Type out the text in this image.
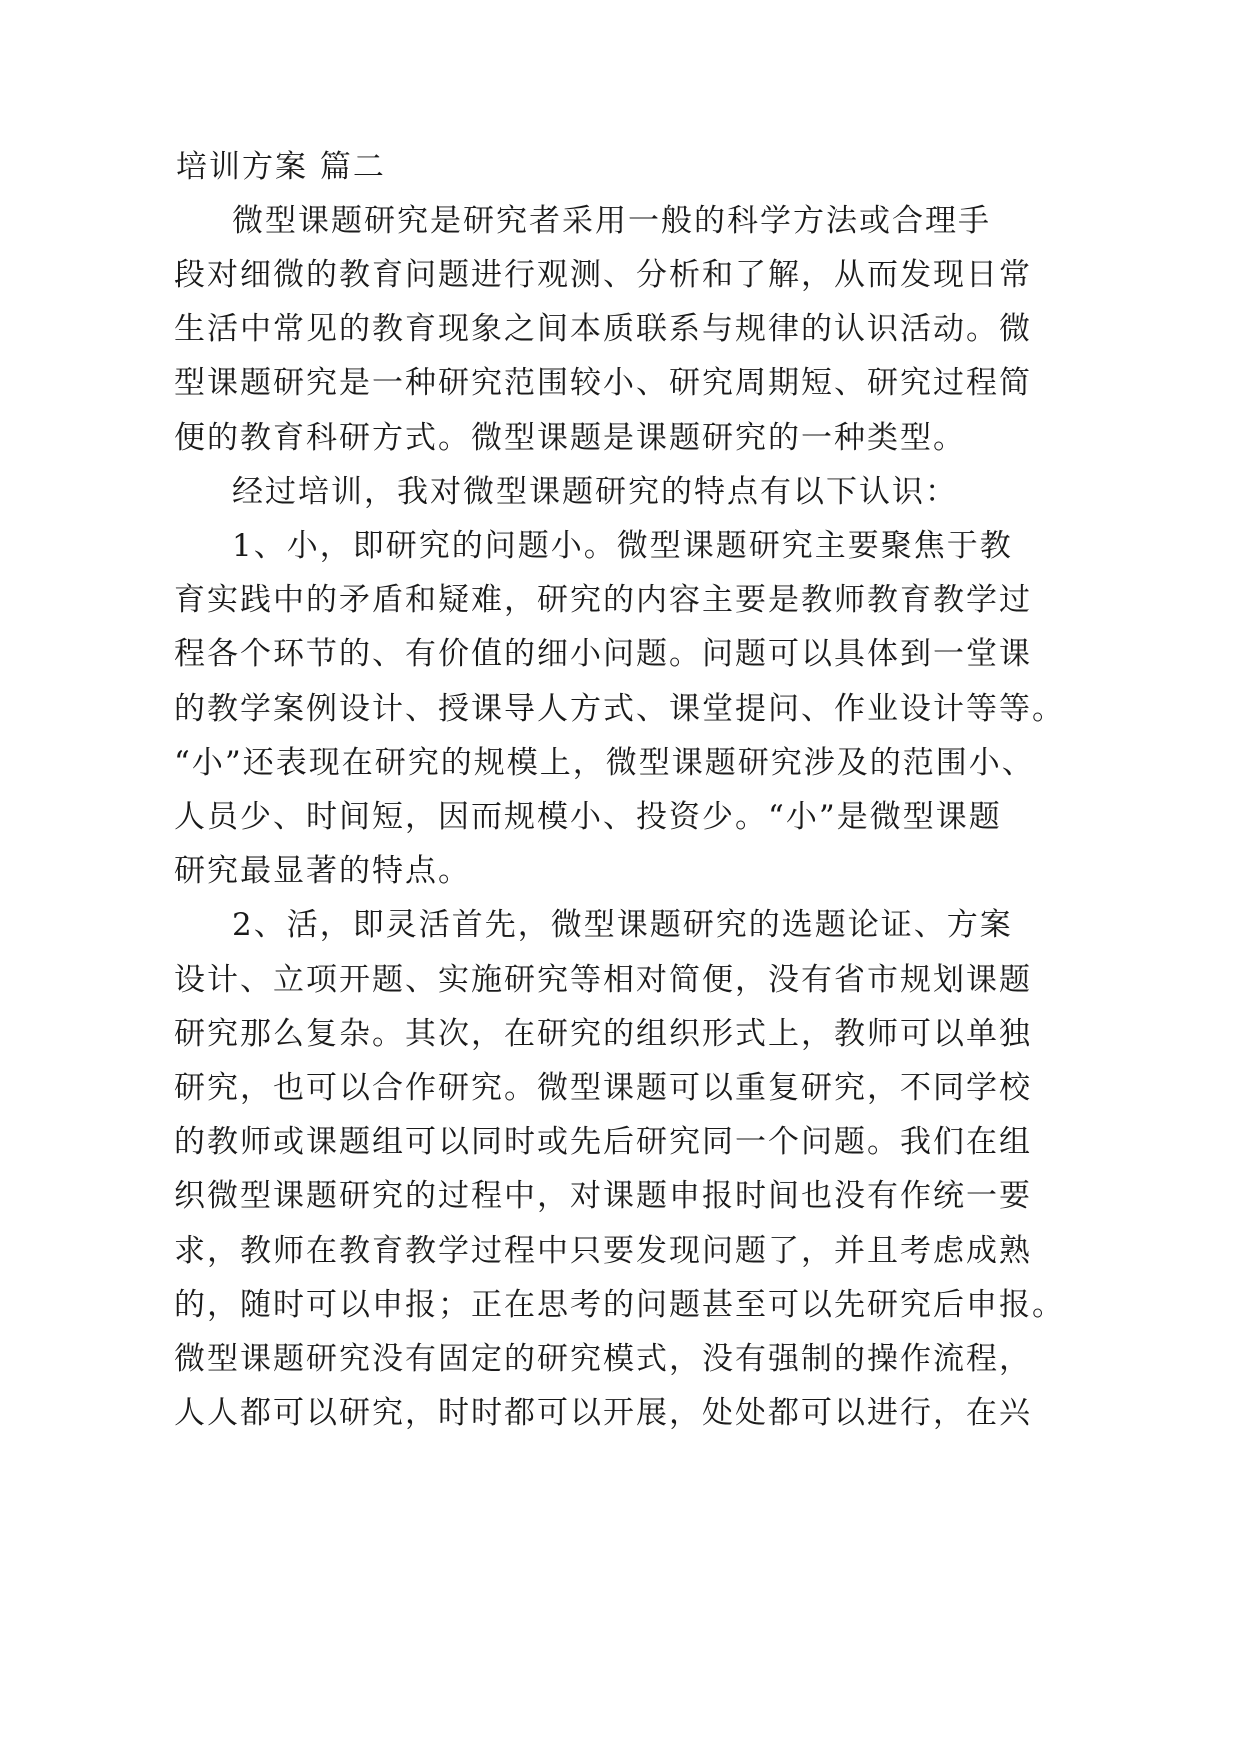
培训方案 篇二
微型课题研究是研究者采用一般的科学方法或合理手
段对细微的教育问题进行观测、分析和了解，从而发现日常
生活中常见的教育现象之间本质联系与规律的认识活动。微
型课题研究是一种研究范围较小、研究周期短、研究过程简
便的教育科研方式。微型课题是课题研究的一种类型。
经过培训，我对微型课题研究的特点有以下认识：
1、小，即研究的问题小。微型课题研究主要聚焦于教
育实践中的矛盾和疑难，研究的内容主要是教师教育教学过
程各个环节的、有价值的细小问题。问题可以具体到一堂课
的教学案例设计、授课导人方式、课堂提问、作业设计等等。
“小”还表现在研究的规模上，微型课题研究涉及的范围小、
人员少、时间短，因而规模小、投资少。“小”是微型课题
研究最显著的特点。
2、活，即灵活首先，微型课题研究的选题论证、方案
设计、立项开题、实施研究等相对简便，没有省市规划课题
研究那么复杂。其次，在研究的组织形式上，教师可以单独
研究，也可以合作研究。微型课题可以重复研究，不同学校
的教师或课题组可以同时或先后研究同一个问题。我们在组
织微型课题研究的过程中，对课题申报时间也没有作统一要
求，教师在教育教学过程中只要发现问题了，并且考虑成熟
的，随时可以申报；正在思考的问题甚至可以先研究后申报。
微型课题研究没有固定的研究模式，没有强制的操作流程，
人人都可以研究，时时都可以开展，处处都可以进行，在兴
